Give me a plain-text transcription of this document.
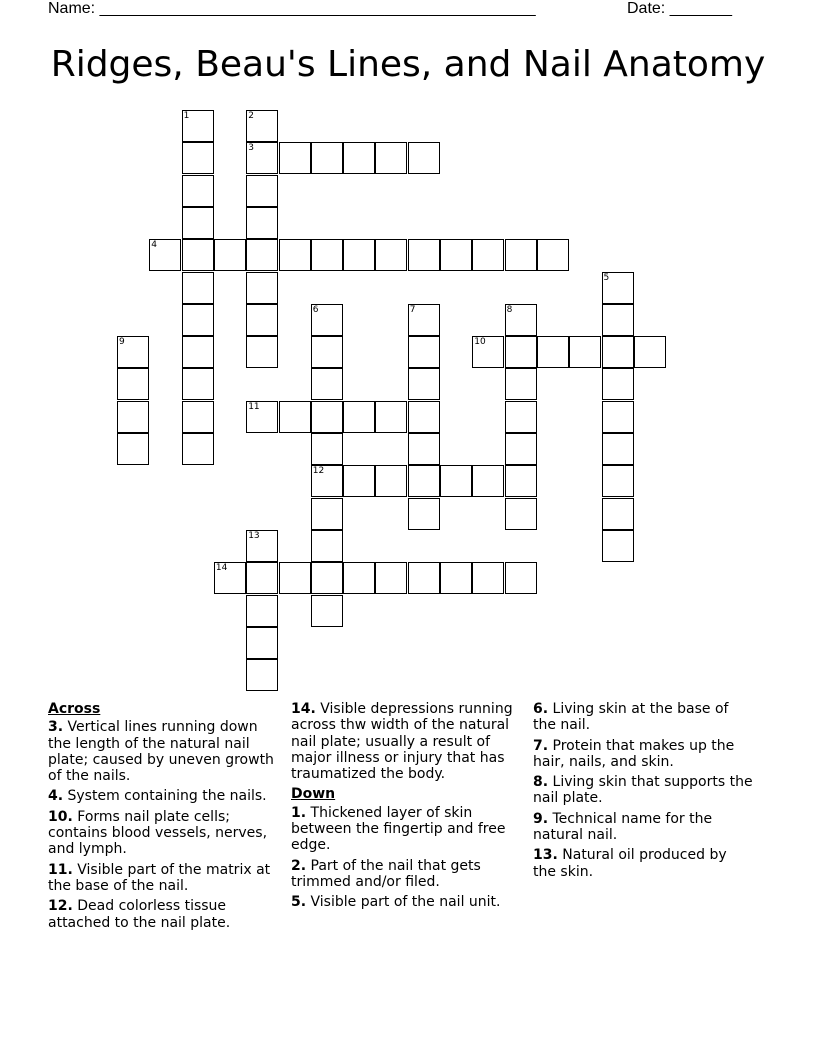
Name: _________________________________________________	Date: _______
Ridges, Beau's Lines, and Nail Anatomy
1	2
3
4
5
6	7	8
9	10
11
12
13
14
Across
3. Vertical lines running down the length of the natural nail plate; caused by uneven growth of the nails.
4. System containing the nails.
10. Forms nail plate cells; contains blood vessels, nerves, and lymph.
11. Visible part of the matrix at the base of the nail.
12. Dead colorless tissue attached to the nail plate.
14. Visible depressions running across thw width of the natural nail plate; usually a result of major illness or injury that has traumatized the body.
Down
1. Thickened layer of skin between the fingertip and free edge.
2. Part of the nail that gets trimmed and/or filed.
5. Visible part of the nail unit.
6. Living skin at the base of the nail.
7. Protein that makes up the hair, nails, and skin.
8. Living skin that supports the nail plate.
9. Technical name for the natural nail.
13. Natural oil produced by the skin.
